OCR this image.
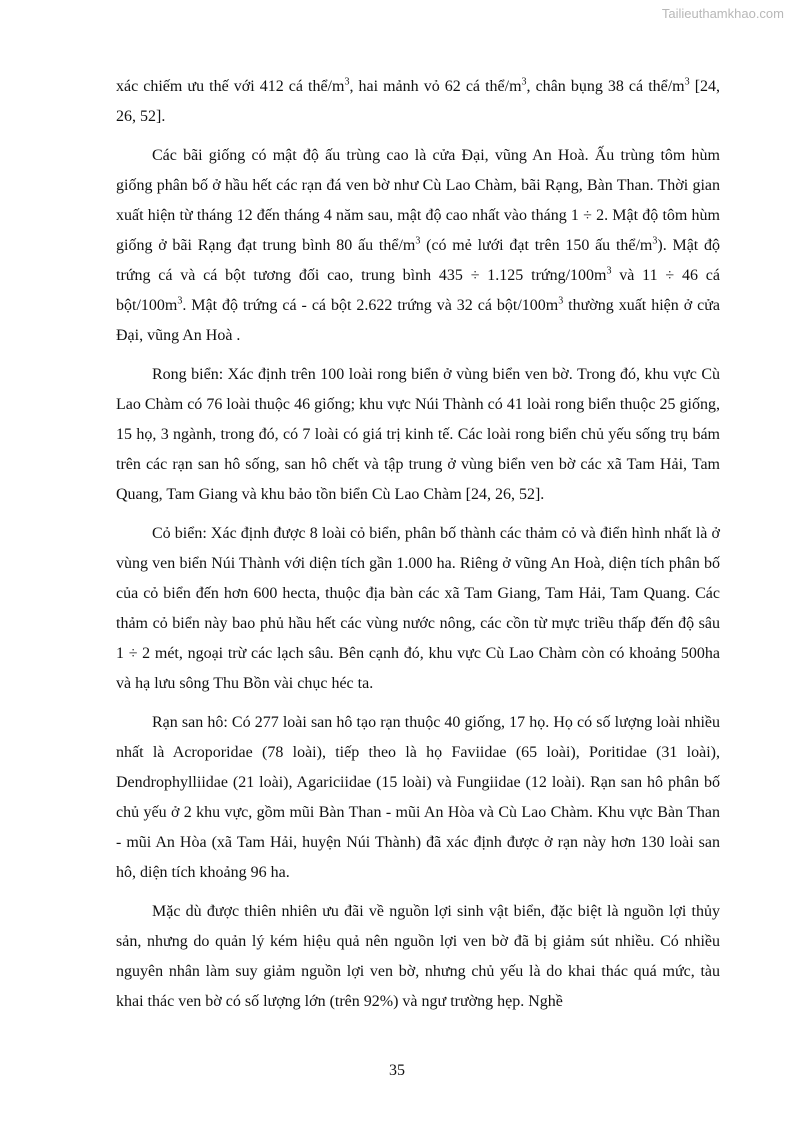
Tailieuthamkhao.com

xác chiếm ưu thế với 412 cá thể/$m^3$, hai mảnh vỏ 62 cá thể/$m^3$, chân bụng 38 cá thể/$m^3$ [24, 26, 52].

Các bãi giống có mật độ ấu trùng cao là cửa Đại, vũng An Hoà. Ấu trùng tôm hùm giống phân bố ở hầu hết các rạn đá ven bờ như Cù Lao Chàm, bãi Rạng, Bàn Than. Thời gian xuất hiện từ tháng 12 đến tháng 4 năm sau, mật độ cao nhất vào tháng 1 ÷ 2. Mật độ tôm hùm giống ở bãi Rạng đạt trung bình 80 ấu thể/$m^3$ (có mẻ lưới đạt trên 150 ấu thể/$m^3$). Mật độ trứng cá và cá bột tương đối cao, trung bình 435 ÷ 1.125 trứng/$100m^3$ và 11 ÷ 46 cá bột/$100m^3$. Mật độ trứng cá - cá bột 2.622 trứng và 32 cá bột/$100m^3$ thường xuất hiện ở cửa Đại, vũng An Hoà .

Rong biển: Xác định trên 100 loài rong biển ở vùng biển ven bờ. Trong đó, khu vực Cù Lao Chàm có 76 loài thuộc 46 giống; khu vực Núi Thành có 41 loài rong biển thuộc 25 giống, 15 họ, 3 ngành, trong đó, có 7 loài có giá trị kinh tế. Các loài rong biển chủ yếu sống trụ bám trên các rạn san hô sống, san hô chết và tập trung ở vùng biển ven bờ các xã Tam Hải, Tam Quang, Tam Giang và khu bảo tồn biển Cù Lao Chàm [24, 26, 52].

Cỏ biển: Xác định được 8 loài cỏ biển, phân bố thành các thảm cỏ và điển hình nhất là ở vùng ven biển Núi Thành với diện tích gần 1.000 ha. Riêng ở vũng An Hoà, diện tích phân bố của cỏ biển đến hơn 600 hecta, thuộc địa bàn các xã Tam Giang, Tam Hải, Tam Quang. Các thảm cỏ biển này bao phủ hầu hết các vùng nước nông, các cồn từ mực triều thấp đến độ sâu 1 ÷ 2 mét, ngoại trừ các lạch sâu. Bên cạnh đó, khu vực Cù Lao Chàm còn có khoảng 500ha và hạ lưu sông Thu Bồn vài chục héc ta.

Rạn san hô: Có 277 loài san hô tạo rạn thuộc 40 giống, 17 họ. Họ có số lượng loài nhiều nhất là Acroporidae (78 loài), tiếp theo là họ Faviidae (65 loài), Poritidae (31 loài), Dendrophylliidae (21 loài), Agariciidae (15 loài) và Fungiidae (12 loài). Rạn san hô phân bố chủ yếu ở 2 khu vực, gồm mũi Bàn Than - mũi An Hòa và Cù Lao Chàm. Khu vực Bàn Than - mũi An Hòa (xã Tam Hải, huyện Núi Thành) đã xác định được ở rạn này hơn 130 loài san hô, diện tích khoảng 96 ha.

Mặc dù được thiên nhiên ưu đãi về nguồn lợi sinh vật biển, đặc biệt là nguồn lợi thủy sản, nhưng do quản lý kém hiệu quả nên nguồn lợi ven bờ đã bị giảm sút nhiều. Có nhiều nguyên nhân làm suy giảm nguồn lợi ven bờ, nhưng chủ yếu là do khai thác quá mức, tàu khai thác ven bờ có số lượng lớn (trên 92%) và ngư trường hẹp. Nghề

35
